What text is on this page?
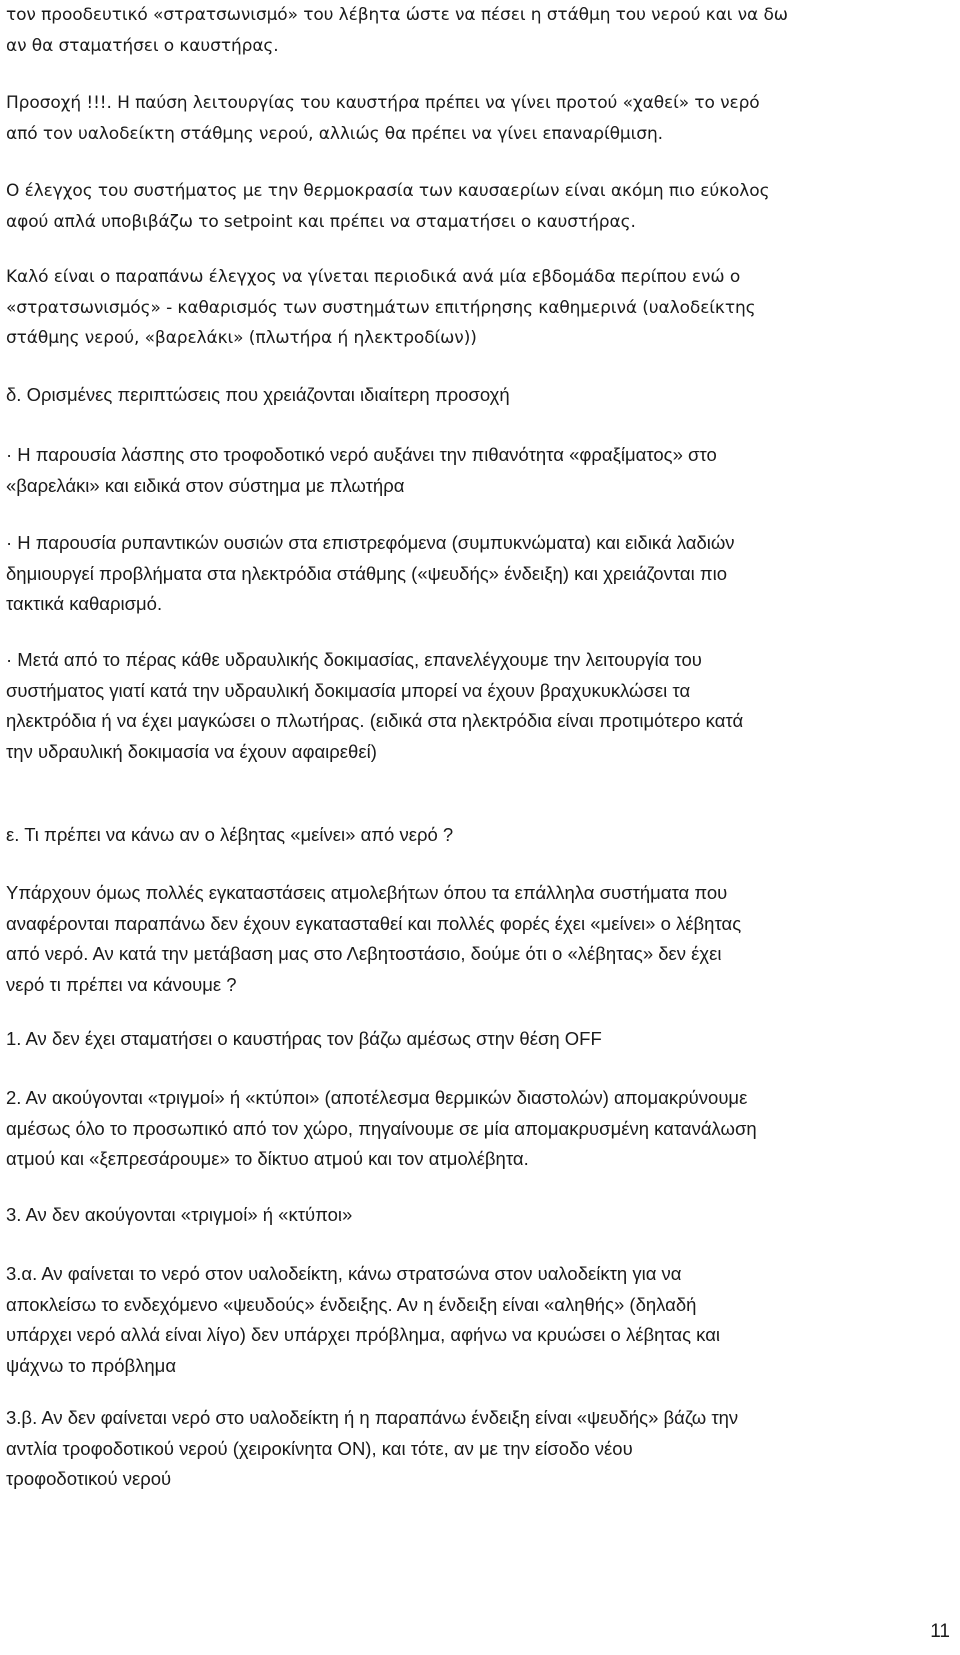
τον προοδευτικό «στρατσωνισμό» του λέβητα ώστε να πέσει η στάθμη του νερού και να δω
αν θα σταματήσει ο καυστήρας.

Προσοχή !!!. Η παύση λειτουργίας του καυστήρα πρέπει να γίνει προτού «χαθεί» το νερό
από τον υαλοδείκτη στάθμης νερού, αλλιώς θα πρέπει να γίνει επαναρίθμιση.

Ο έλεγχος του συστήματος με την θερμοκρασία των καυσαερίων είναι ακόμη πιο εύκολος
αφού απλά υποβιβάζω το setpoint και πρέπει να σταματήσει ο καυστήρας.

Καλό είναι ο παραπάνω έλεγχος να γίνεται περιοδικά ανά μία εβδομάδα περίπου ενώ ο
«στρατσωνισμός» - καθαρισμός των συστημάτων επιτήρησης καθημερινά (υαλοδείκτης
στάθμης νερού, «βαρελάκι» (πλωτήρα ή ηλεκτροδίων))

δ. Ορισμένες περιπτώσεις που χρειάζονται ιδιαίτερη προσοχή

· Η παρουσία λάσπης στο τροφοδοτικό νερό αυξάνει την πιθανότητα «φραξίματος» στο
«βαρελάκι» και ειδικά στον σύστημα με πλωτήρα

· Η παρουσία ρυπαντικών ουσιών στα επιστρεφόμενα (συμπυκνώματα) και ειδικά λαδιών
δημιουργεί προβλήματα στα ηλεκτρόδια στάθμης («ψευδής» ένδειξη) και χρειάζονται πιο
τακτικά καθαρισμό.

· Μετά από το πέρας κάθε υδραυλικής δοκιμασίας, επανελέγχουμε την λειτουργία του
συστήματος γιατί κατά την υδραυλική δοκιμασία μπορεί να έχουν βραχυκυκλώσει τα
ηλεκτρόδια ή να έχει μαγκώσει ο πλωτήρας. (ειδικά στα ηλεκτρόδια είναι προτιμότερο κατά
την υδραυλική δοκιμασία να έχουν αφαιρεθεί)

ε. Τι πρέπει να κάνω αν ο λέβητας «μείνει» από νερό ?

Υπάρχουν όμως πολλές εγκαταστάσεις ατμολεβήτων όπου τα επάλληλα συστήματα που
αναφέρονται παραπάνω δεν έχουν εγκατασταθεί και πολλές φορές έχει «μείνει» ο λέβητας
από νερό. Αν κατά την μετάβαση μας στο Λεβητοστάσιο, δούμε ότι ο «λέβητας» δεν έχει
νερό τι πρέπει να κάνουμε ?

1. Αν δεν έχει σταματήσει ο καυστήρας τον βάζω αμέσως στην θέση OFF

2. Αν ακούγονται «τριγμοί» ή «κτύποι» (αποτέλεσμα θερμικών διαστολών) απομακρύνουμε
αμέσως όλο το προσωπικό από τον χώρο, πηγαίνουμε σε μία απομακρυσμένη κατανάλωση
ατμού και «ξεπρεσάρουμε» το δίκτυο ατμού και τον ατμολέβητα.

3. Αν δεν ακούγονται «τριγμοί» ή «κτύποι»

3.α. Αν φαίνεται το νερό στον υαλοδείκτη, κάνω στρατσώνα στον υαλοδείκτη για να
αποκλείσω το ενδεχόμενο «ψευδούς» ένδειξης. Αν η ένδειξη είναι «αληθής» (δηλαδή
υπάρχει νερό αλλά είναι λίγο) δεν υπάρχει πρόβλημα, αφήνω να κρυώσει ο λέβητας και
ψάχνω το πρόβλημα

3.β. Αν δεν φαίνεται νερό στο υαλοδείκτη ή η παραπάνω ένδειξη είναι «ψευδής» βάζω την
αντλία τροφοδοτικού νερού (χειροκίνητα ΟΝ), και τότε, αν με την είσοδο νέου
τροφοδοτικού νερού

11
